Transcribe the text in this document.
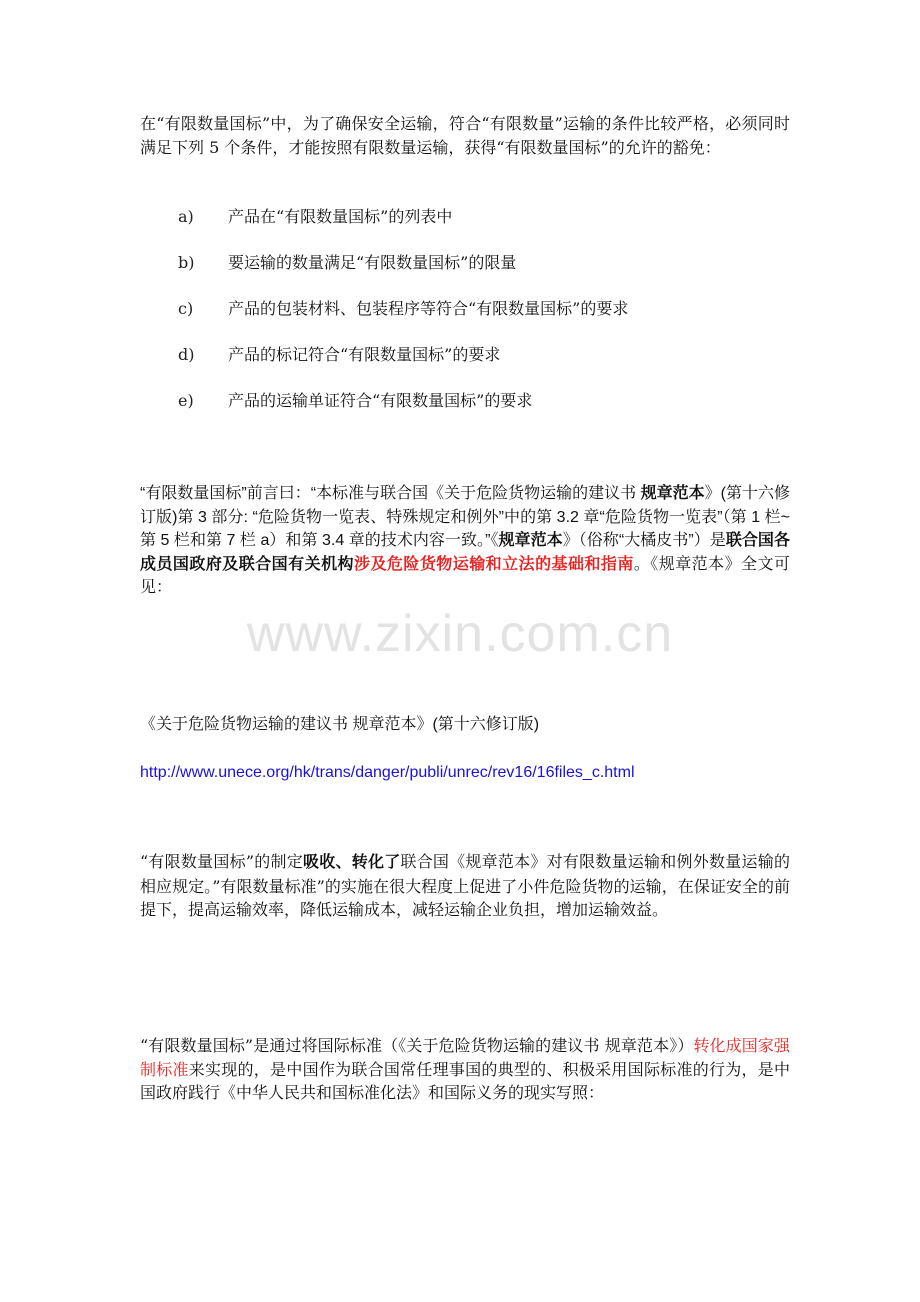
在“有限数量国标”中，为了确保安全运输，符合“有限数量”运输的条件比较严格，必须同时满足下列 5 个条件，才能按照有限数量运输，获得“有限数量国标”的允许的豁免：

a) 产品在“有限数量国标”的列表中
b) 要运输的数量满足“有限数量国标”的限量
c) 产品的包装材料、包装程序等符合“有限数量国标”的要求
d) 产品的标记符合“有限数量国标”的要求
e) 产品的运输单证符合“有限数量国标”的要求

“有限数量国标”前言曰：“本标准与联合国《关于危险货物运输的建议书 规章范本》(第十六修订版)第 3 部分: “危险货物一览表、特殊规定和例外”中的第 3.2 章“危险货物一览表”（第 1 栏~第 5 栏和第 7 栏 a）和第 3.4 章的技术内容一致。”《规章范本》（俗称“大橘皮书”）是联合国各成员国政府及联合国有关机构涉及危险货物运输和立法的基础和指南。《规章范本》全文可见：

www.zixin.com.cn
《关于危险货物运输的建议书 规章范本》(第十六修订版)
http://www.unece.org/hk/trans/danger/publi/unrec/rev16/16files_c.html

“有限数量国标”的制定吸收、转化了联合国《规章范本》对有限数量运输和例外数量运输的相应规定。”有限数量标准”的实施在很大程度上促进了小件危险货物的运输，在保证安全的前提下，提高运输效率，降低运输成本，减轻运输企业负担，增加运输效益。

“有限数量国标”是通过将国际标准（《关于危险货物运输的建议书 规章范本》）转化成国家强制标准来实现的，是中国作为联合国常任理事国的典型的、积极采用国际标准的行为，是中国政府践行《中华人民共和国标准化法》和国际义务的现实写照：
